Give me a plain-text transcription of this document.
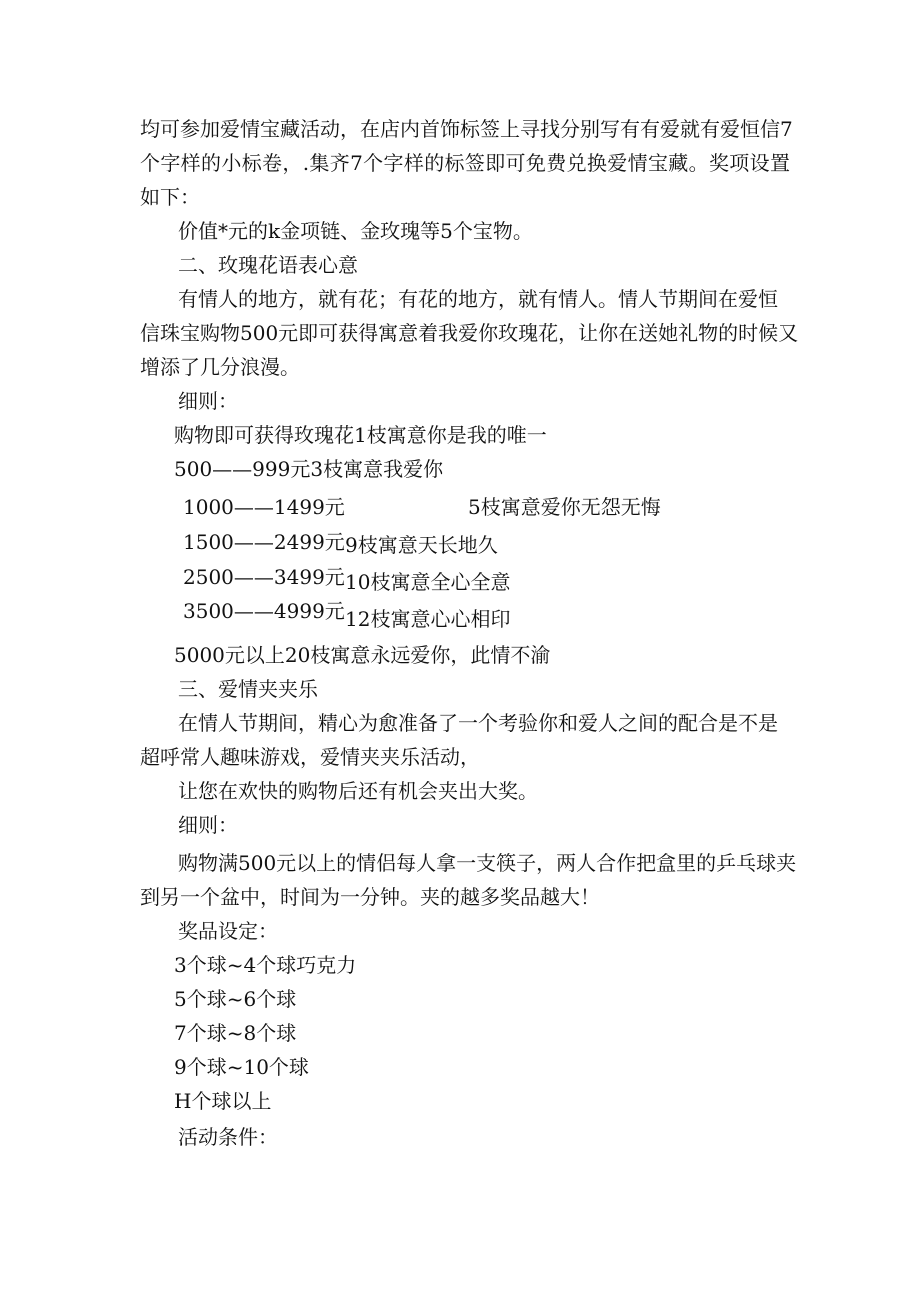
均可参加爱情宝藏活动，在店内首饰标签上寻找分别写有有爱就有爱恒信7
个字样的小标卷，.集齐7个字样的标签即可免费兑换爱情宝藏。奖项设置
如下：
价值*元的k金项链、金玫瑰等5个宝物。
二、玫瑰花语表心意
有情人的地方，就有花；有花的地方，就有情人。情人节期间在爱恒
信珠宝购物500元即可获得寓意着我爱你玫瑰花，让你在送她礼物的时候又
增添了几分浪漫。
细则：
购物即可获得玫瑰花1枝寓意你是我的唯一
500——999元3枝寓意我爱你
1000——1499元	5枝寓意爱你无怨无悔
1500——2499元 9枝寓意天长地久
2500——3499元 10枝寓意全心全意
3500——4999元 12枝寓意心心相印
5000元以上20枝寓意永远爱你，此情不渝
三、爱情夹夹乐
在情人节期间，精心为愈准备了一个考验你和爱人之间的配合是不是
超呼常人趣味游戏，爱情夹夹乐活动，
让您在欢快的购物后还有机会夹出大奖。
细则：
购物满500元以上的情侣每人拿一支筷子，两人合作把盒里的乒乓球夹
到另一个盆中，时间为一分钟。夹的越多奖品越大！
奖品设定：
3个球~4个球巧克力
5个球~6个球
7个球~8个球
9个球~10个球
H个球以上
活动条件：
